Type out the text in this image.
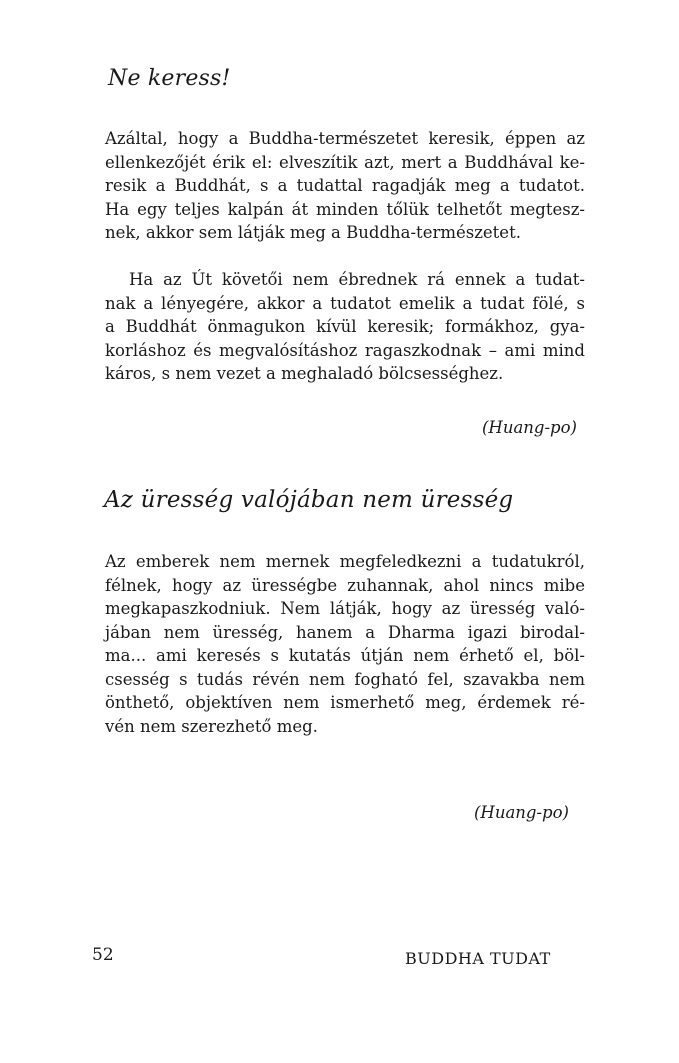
Ne keress!
Azáltal, hogy a Buddha-természetet keresik, éppen az
ellenkezőjét érik el: elveszítik azt, mert a Buddhával ke-
resik a Buddhát, s a tudattal ragadják meg a tudatot.
Ha egy teljes kalpán át minden tőlük telhetőt megtesz-
nek, akkor sem látják meg a Buddha-természetet.
Ha az Út követői nem ébrednek rá ennek a tudat-
nak a lényegére, akkor a tudatot emelik a tudat fölé, s
a Buddhát önmagukon kívül keresik; formákhoz, gya-
korláshoz és megvalósításhoz ragaszkodnak – ami mind
káros, s nem vezet a meghaladó bölcsességhez.
(Huang-po)
Az üresség valójában nem üresség
Az emberek nem mernek megfeledkezni a tudatukról,
félnek, hogy az ürességbe zuhannak, ahol nincs mibe
megkapaszkodniuk. Nem látják, hogy az üresség való-
jában nem üresség, hanem a Dharma igazi birodal-
ma... ami keresés s kutatás útján nem érhető el, böl-
csesség s tudás révén nem fogható fel, szavakba nem
önthető, objektíven nem ismerhető meg, érdemek ré-
vén nem szerezhető meg.
(Huang-po)
52	BUDDHA TUDAT
